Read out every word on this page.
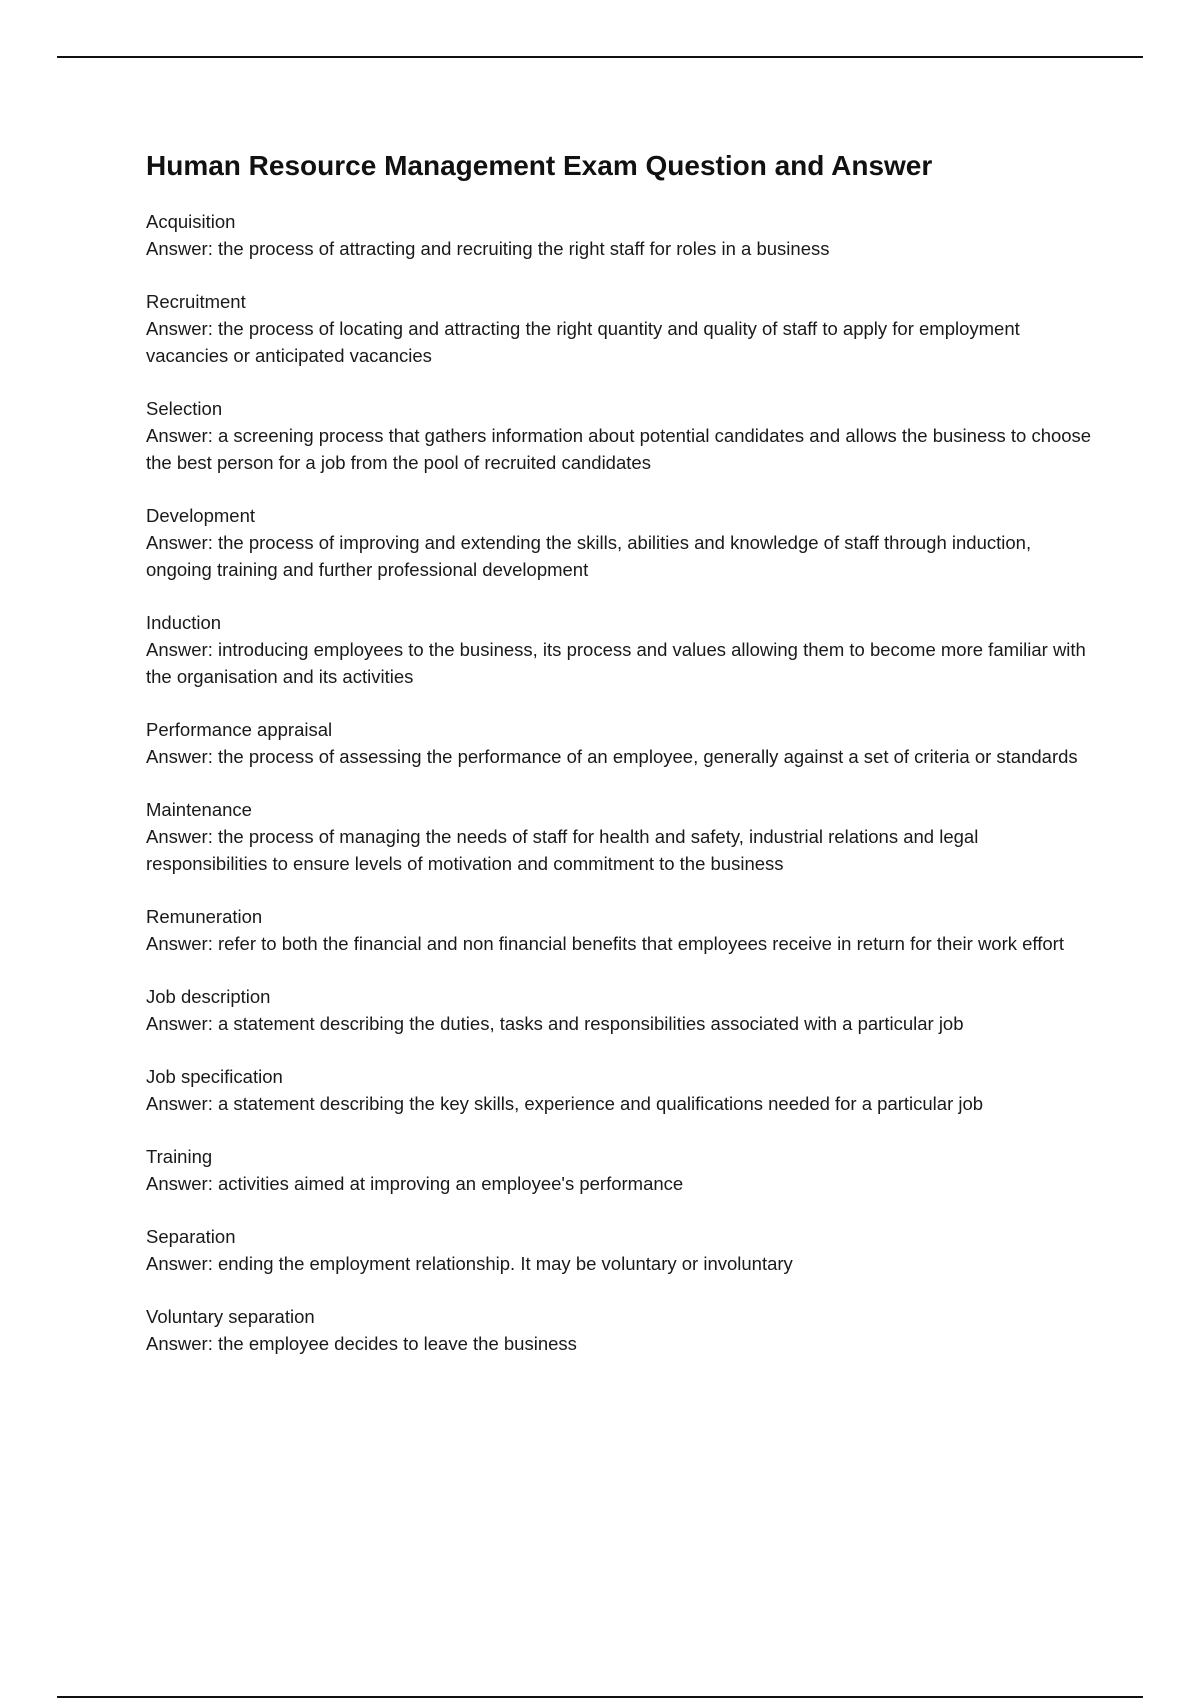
Human Resource Management Exam Question and Answer

Acquisition

Answer: the process of attracting and recruiting the right staff for roles in a business

Recruitment

Answer: the process of locating and attracting the right quantity and quality of staff to apply for employment vacancies or anticipated vacancies

Selection

Answer: a screening process that gathers information about potential candidates and allows the business to choose the best person for a job from the pool of recruited candidates

Development

Answer: the process of improving and extending the skills, abilities and knowledge of staff through induction, ongoing training and further professional development

Induction

Answer: introducing employees to the business, its process and values allowing them to become more familiar with the organisation and its activities

Performance appraisal

Answer: the process of assessing the performance of an employee, generally against a set of criteria or standards

Maintenance

Answer: the process of managing the needs of staff for health and safety, industrial relations and legal responsibilities to ensure levels of motivation and commitment to the business

Remuneration

Answer: refer to both the financial and non financial benefits that employees receive in return for their work effort

Job description

Answer: a statement describing the duties, tasks and responsibilities associated with a particular job

Job specification

Answer: a statement describing the key skills, experience and qualifications needed for a particular job

Training

Answer: activities aimed at improving an employee's performance

Separation

Answer: ending the employment relationship. It may be voluntary or involuntary

Voluntary separation

Answer: the employee decides to leave the business
